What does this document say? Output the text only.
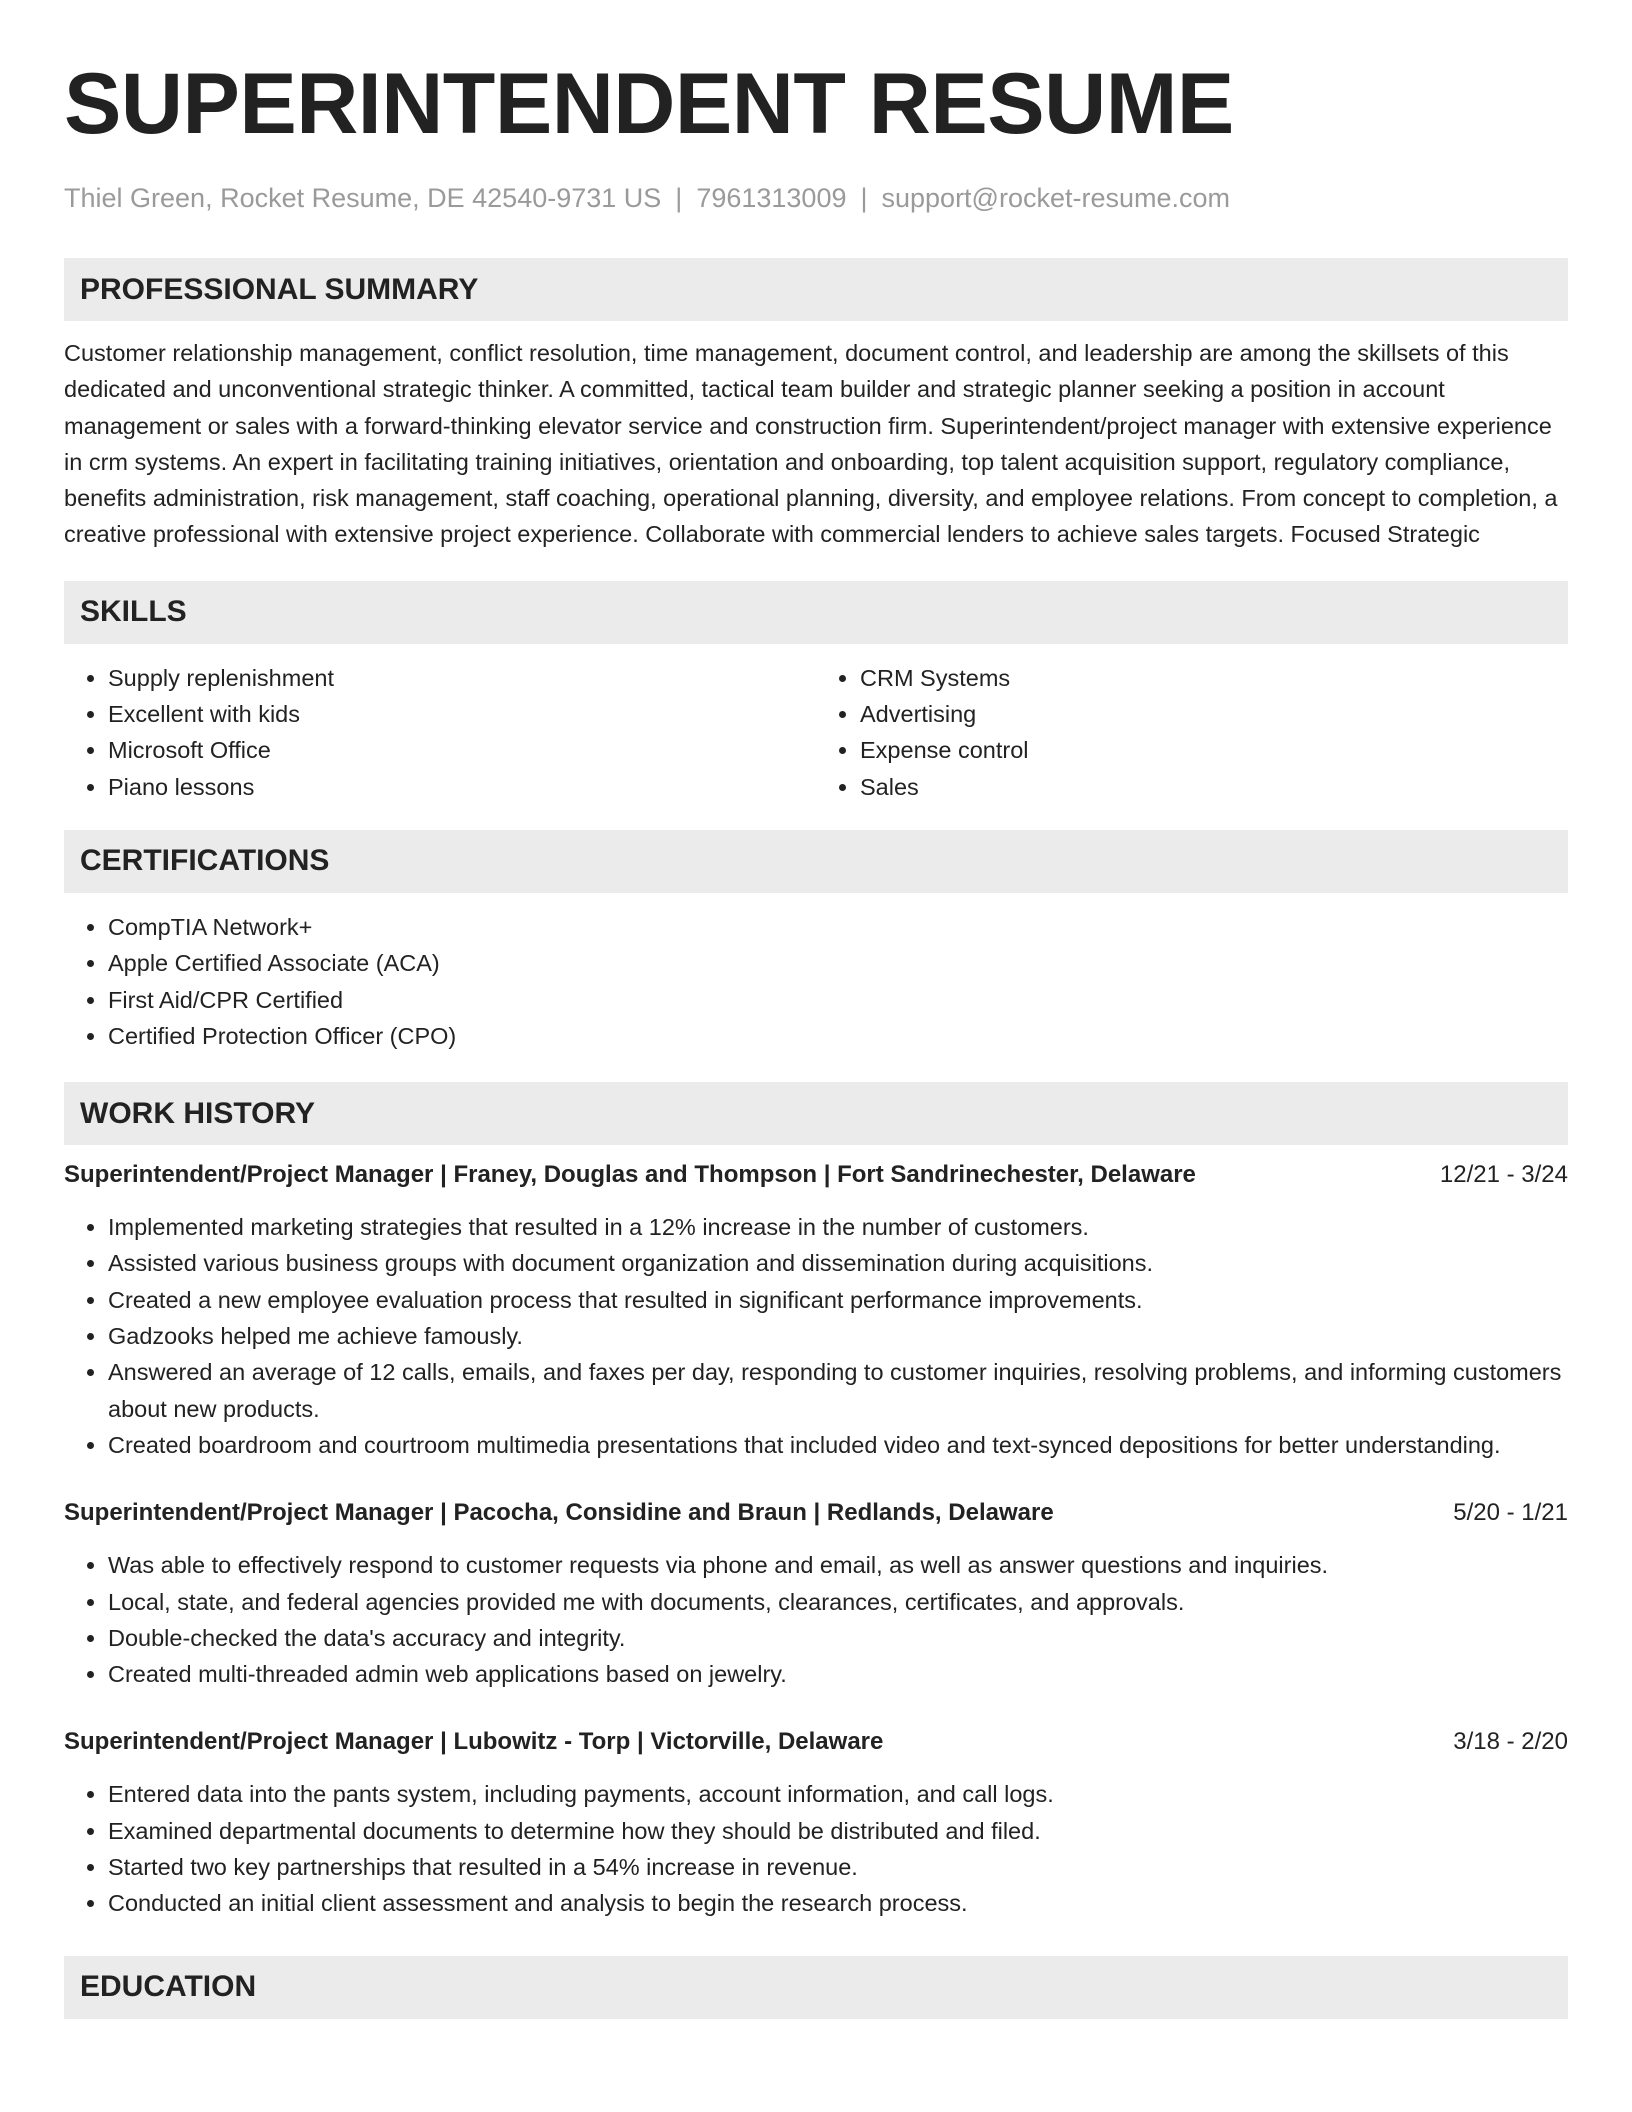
SUPERINTENDENT RESUME
Thiel Green, Rocket Resume, DE 42540-9731 US | 7961313009 | support@rocket-resume.com
PROFESSIONAL SUMMARY
Customer relationship management, conflict resolution, time management, document control, and leadership are among the skillsets of this dedicated and unconventional strategic thinker. A committed, tactical team builder and strategic planner seeking a position in account management or sales with a forward-thinking elevator service and construction firm. Superintendent/project manager with extensive experience in crm systems. An expert in facilitating training initiatives, orientation and onboarding, top talent acquisition support, regulatory compliance, benefits administration, risk management, staff coaching, operational planning, diversity, and employee relations. From concept to completion, a creative professional with extensive project experience. Collaborate with commercial lenders to achieve sales targets. Focused Strategic
SKILLS
• Supply replenishment
• Excellent with kids
• Microsoft Office
• Piano lessons
• CRM Systems
• Advertising
• Expense control
• Sales
CERTIFICATIONS
• CompTIA Network+
• Apple Certified Associate (ACA)
• First Aid/CPR Certified
• Certified Protection Officer (CPO)
WORK HISTORY
Superintendent/Project Manager | Franey, Douglas and Thompson | Fort Sandrinechester, Delaware	12/21 - 3/24
• Implemented marketing strategies that resulted in a 12% increase in the number of customers.
• Assisted various business groups with document organization and dissemination during acquisitions.
• Created a new employee evaluation process that resulted in significant performance improvements.
• Gadzooks helped me achieve famously.
• Answered an average of 12 calls, emails, and faxes per day, responding to customer inquiries, resolving problems, and informing customers about new products.
• Created boardroom and courtroom multimedia presentations that included video and text-synced depositions for better understanding.
Superintendent/Project Manager | Pacocha, Considine and Braun | Redlands, Delaware	5/20 - 1/21
• Was able to effectively respond to customer requests via phone and email, as well as answer questions and inquiries.
• Local, state, and federal agencies provided me with documents, clearances, certificates, and approvals.
• Double-checked the data's accuracy and integrity.
• Created multi-threaded admin web applications based on jewelry.
Superintendent/Project Manager | Lubowitz - Torp | Victorville, Delaware	3/18 - 2/20
• Entered data into the pants system, including payments, account information, and call logs.
• Examined departmental documents to determine how they should be distributed and filed.
• Started two key partnerships that resulted in a 54% increase in revenue.
• Conducted an initial client assessment and analysis to begin the research process.
EDUCATION
